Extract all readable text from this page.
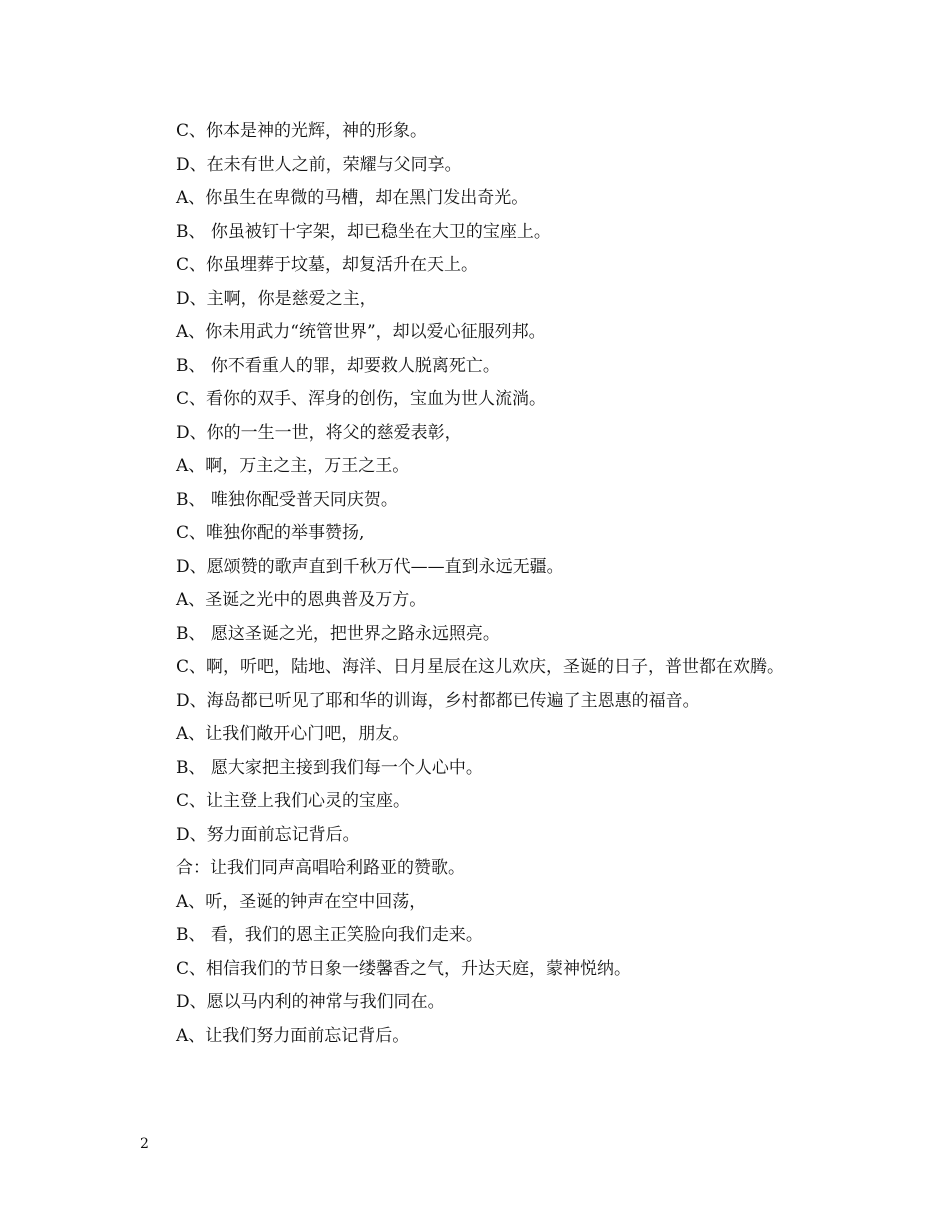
C、你本是神的光辉，神的形象。

D、在未有世人之前，荣耀与父同享。

A、你虽生在卑微的马槽，却在黑门发出奇光。

B、 你虽被钉十字架，却已稳坐在大卫的宝座上。

C、你虽埋葬于坟墓，却复活升在天上。

D、主啊，你是慈爱之主，

A、你未用武力“统管世界”，却以爱心征服列邦。

B、 你不看重人的罪，却要救人脱离死亡。

C、看你的双手、浑身的创伤，宝血为世人流淌。

D、你的一生一世，将父的慈爱表彰，

A、啊，万主之主，万王之王。

B、 唯独你配受普天同庆贺。

C、唯独你配的举事赞扬,

D、愿颂赞的歌声直到千秋万代——直到永远无疆。

A、圣诞之光中的恩典普及万方。

B、 愿这圣诞之光，把世界之路永远照亮。

C、啊，听吧，陆地、海洋、日月星辰在这儿欢庆，圣诞的日子，普世都在欢腾。

D、海岛都已听见了耶和华的训诲，乡村都都已传遍了主恩惠的福音。

A、让我们敞开心门吧，朋友。

B、 愿大家把主接到我们每一个人心中。

C、让主登上我们心灵的宝座。

D、努力面前忘记背后。

合：让我们同声高唱哈利路亚的赞歌。

A、听，圣诞的钟声在空中回荡，

B、 看，我们的恩主正笑脸向我们走来。

C、相信我们的节日象一缕馨香之气，升达天庭，蒙神悦纳。

D、愿以马内利的神常与我们同在。

A、让我们努力面前忘记背后。

2
